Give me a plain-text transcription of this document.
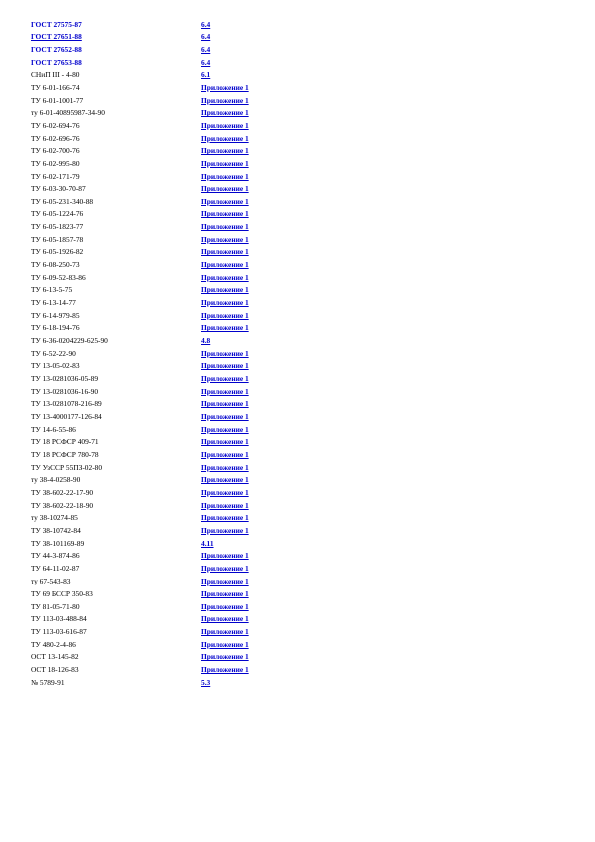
ГОСТ 27575-87	6.4
ГОСТ 27651-88	6.4
ГОСТ 27652-88	6.4
ГОСТ 27653-88	6.4
СНиП III - 4-80	6.1
ТУ 6-01-166-74	Приложение 1
ТУ 6-01-1001-77	Приложение 1
ту 6-01-40895987-34-90	Приложение 1
ТУ 6-02-694-76	Приложение 1
ТУ 6-02-696-76	Приложение 1
ТУ 6-02-700-76	Приложение 1
ТУ 6-02-995-80	Приложение 1
ТУ 6-02-171-79	Приложение 1
ТУ 6-03-30-70-87	Приложение 1
ТУ 6-05-231-340-88	Приложение 1
ТУ 6-05-1224-76	Приложение 1
ТУ 6-05-1823-77	Приложение 1
ТУ 6-05-1857-78	Приложение 1
ТУ 6-05-1926-82	Приложение 1
ТУ 6-08-250-73	Приложение 1
ТУ 6-09-52-83-86	Приложение 1
ТУ 6-13-5-75	Приложение 1
ТУ 6-13-14-77	Приложение 1
ТУ 6-14-979-85	Приложение 1
ТУ 6-18-194-76	Приложение 1
ТУ 6-36-0204229-625-90	4.8
ТУ 6-52-22-90	Приложение 1
ТУ 13-05-02-83	Приложение 1
ТУ 13-0281036-05-89	Приложение 1
ТУ 13-0281036-16-90	Приложение 1
ТУ 13-0281078-216-89	Приложение 1
ТУ 13-4000177-126-84	Приложение 1
ТУ 14-6-55-86	Приложение 1
ТУ 18 РСФСР 409-71	Приложение 1
ТУ 18 РСФСР 780-78	Приложение 1
ТУ УзССР 55ПЗ-02-80	Приложение 1
ту 38-4-0258-90	Приложение 1
ТУ 38-602-22-17-90	Приложение 1
ТУ 38-602-22-18-90	Приложение 1
ту 38-10274-85	Приложение 1
ТУ 38-10742-84	Приложение 1
ТУ 38-101169-89	4.11
ТУ 44-3-874-86	Приложение 1
ТУ 64-11-02-87	Приложение 1
ту 67-543-83	Приложение 1
ТУ 69 БССР 350-83	Приложение 1
ТУ 81-05-71-80	Приложение 1
ТУ 113-03-488-84	Приложение 1
ТУ 113-03-616-87	Приложение 1
ТУ 480-2-4-86	Приложение 1
ОСТ 13-145-82	Приложение 1
ОСТ 18-126-83	Приложение 1
№ 5789-91	5.3
